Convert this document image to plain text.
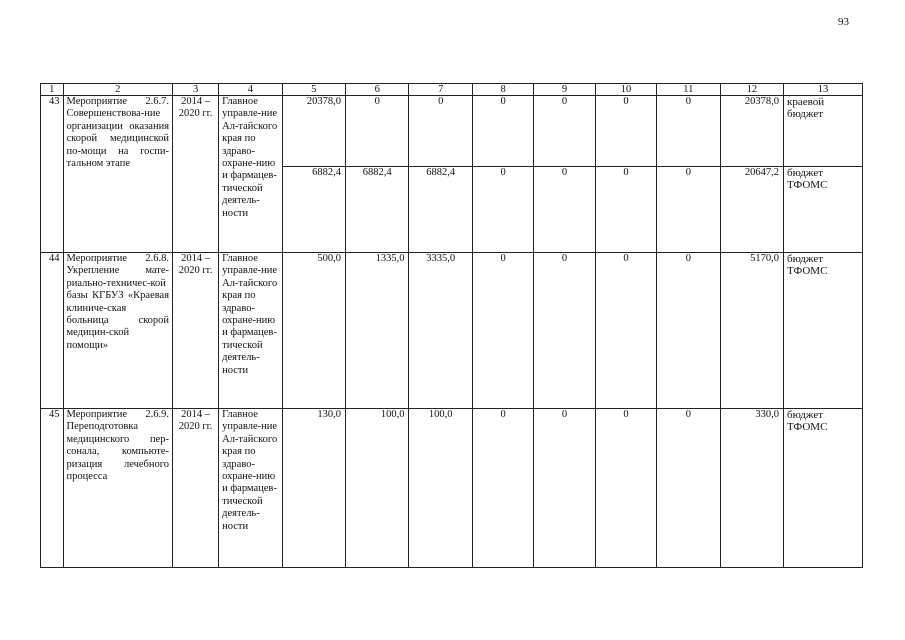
93
1	2	3	4	5	6	7	8	9	10	11	12	13
43	Мероприятие 2.6.7. Совершенствова-ние организации оказания скорой медицинской по-мощи на госпи-тальном этапе	2014 – 2020 гг.	Главное управле-ние Ал-тайского края по здраво-охране-нию и фармацев-тической деятель-ности	20378,0	0	0	0	0	0	0	20378,0	краевой бюджет
				6882,4	6882,4	6882,4	0	0	0	0	20647,2	бюджет ТФОМС
44	Мероприятие 2.6.8. Укрепление мате-риально-техничес-кой базы КГБУЗ «Краевая клиниче-ская больница скорой медицин-ской помощи»	2014 – 2020 гг.	Главное управле-ние Ал-тайского края по здраво-охране-нию и фармацев-тической деятель-ности	500,0	1335,0	3335,0	0	0	0	0	5170,0	бюджет ТФОМС
45	Мероприятие 2.6.9. Переподготовка медицинского пер-сонала, компьюте-ризация лечебного процесса	2014 – 2020 гг.	Главное управле-ние Ал-тайского края по здраво-охране-нию и фармацев-тической деятель-ности	130,0	100,0	100,0	0	0	0	0	330,0	бюджет ТФОМС
